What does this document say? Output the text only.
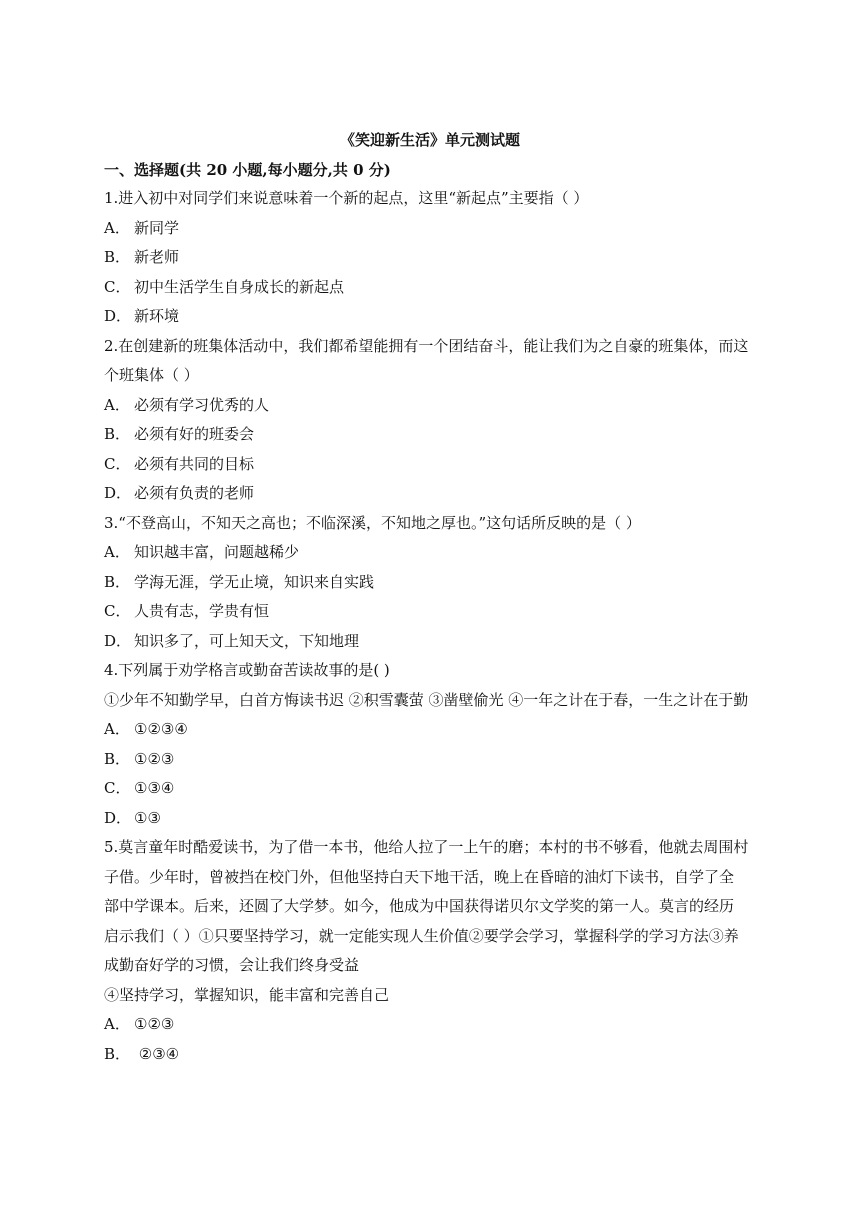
《笑迎新生活》单元测试题
一、选择题(共 20 小题,每小题分,共 0 分)
1.进入初中对同学们来说意味着一个新的起点，这里“新起点”主要指（ ）
A． 新同学
B． 新老师
C． 初中生活学生自身成长的新起点
D． 新环境
2.在创建新的班集体活动中，我们都希望能拥有一个团结奋斗，能让我们为之自豪的班集体，而这
个班集体（ ）
A． 必须有学习优秀的人
B． 必须有好的班委会
C． 必须有共同的目标
D． 必须有负责的老师
3.“不登高山，不知天之高也；不临深溪，不知地之厚也。”这句话所反映的是（ ）
A． 知识越丰富，问题越稀少
B． 学海无涯，学无止境，知识来自实践
C． 人贵有志，学贵有恒
D． 知识多了，可上知天文，下知地理
4.下列属于劝学格言或勤奋苦读故事的是( )
①少年不知勤学早，白首方悔读书迟 ②积雪囊萤 ③凿壁偷光 ④一年之计在于春，一生之计在于勤
A． ①②③④
B． ①②③
C． ①③④
D． ①③
5.莫言童年时酷爱读书，为了借一本书，他给人拉了一上午的磨；本村的书不够看，他就去周围村
子借。少年时，曾被挡在校门外，但他坚持白天下地干活，晚上在昏暗的油灯下读书，自学了全
部中学课本。后来，还圆了大学梦。如今，他成为中国获得诺贝尔文学奖的第一人。莫言的经历
启示我们（ ）①只要坚持学习，就一定能实现人生价值②要学会学习，掌握科学的学习方法③养
成勤奋好学的习惯，会让我们终身受益
④坚持学习，掌握知识，能丰富和完善自己
A． ①②③
B． ②③④
